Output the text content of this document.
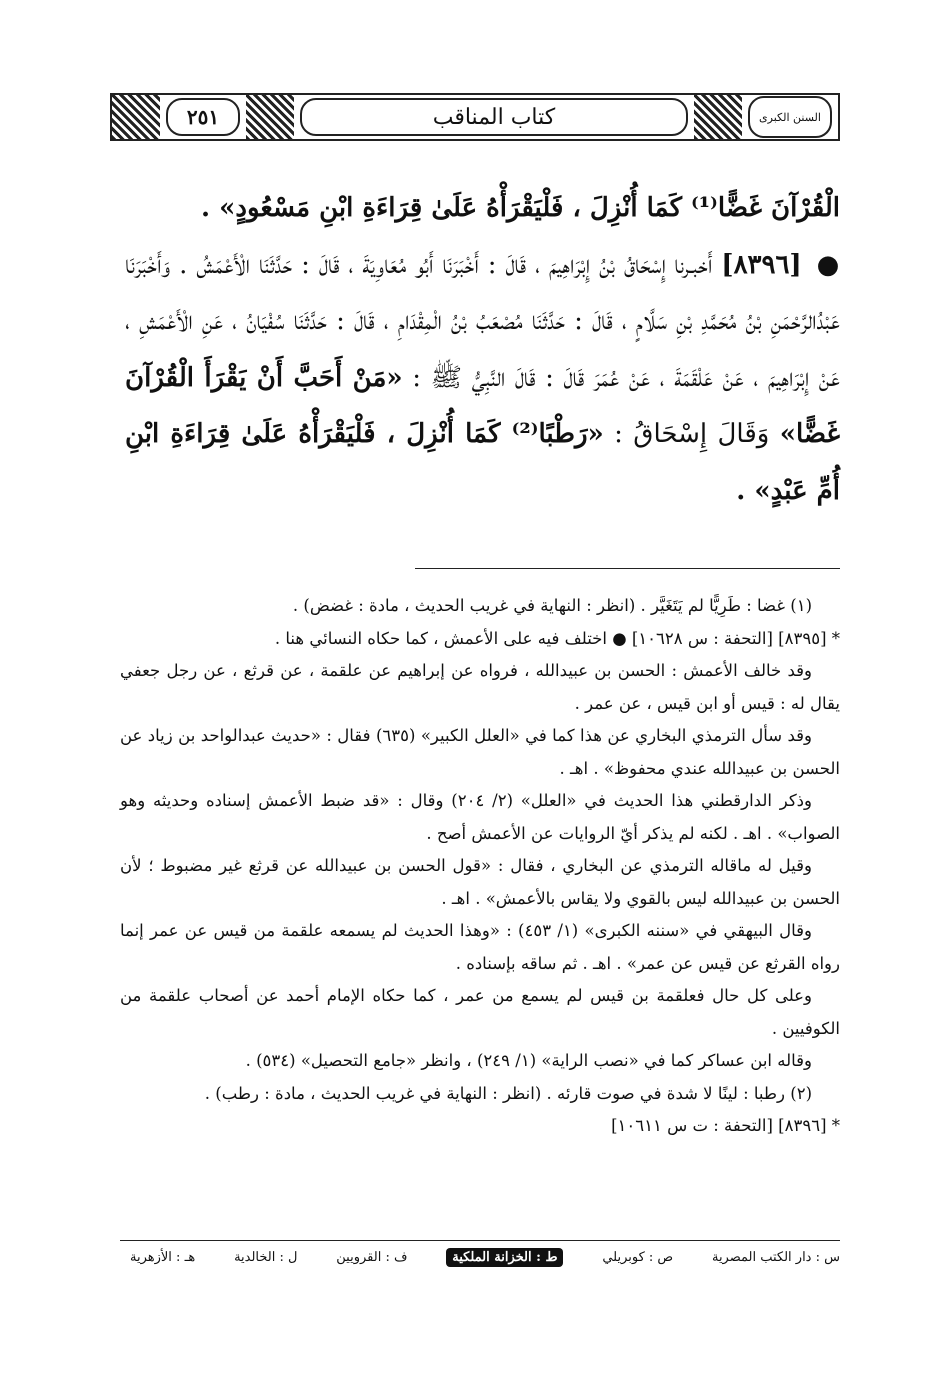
٢٥١	كتاب المناقب	السنن الكبرى

الْقُرْآنَ غَضًّا⁽¹⁾ كَمَا أُنْزِلَ ، فَلْيَقْرَأْهُ عَلَىٰ قِرَاءَةِ ابْنِ مَسْعُودٍ» .

● [٨٣٩٦] أَخبـرنا إِسْحَاقُ بْنُ إِبْرَاهِيمَ ، قَالَ : أَخْبَرَنَا أَبُو مُعَاوِيَةَ ، قَالَ : حَدَّثَنَا الْأَعْمَشُ . وَأَخْبَرَنَا عَبْدُالرَّحْمَنِ بْنُ مُحَمَّدِ بْنِ سَلَّامٍ ، قَالَ : حَدَّثَنَا مُصْعَبُ بْنُ الْمِقْدَامِ ، قَالَ : حَدَّثَنَا سُفْيَانُ ، عَنِ الْأَعْمَشِ ، عَنْ إِبْرَاهِيمَ ، عَنْ عَلْقَمَةَ ، عَنْ عُمَرَ قَالَ : قَالَ النَّبِيُّ ﷺ : «مَنْ أَحَبَّ أَنْ يَقْرَأَ الْقُرْآنَ غَضًّا» وَقَالَ إِسْحَاقُ : «رَطْبًا⁽²⁾ كَمَا أُنْزِلَ ، فَلْيَقْرَأْهُ عَلَىٰ قِرَاءَةِ ابْنِ أُمِّ عَبْدٍ» .

(١) غضا : طَرِيًّا لم يَتَغَيَّر . (انظر : النهاية في غريب الحديث ، مادة : غضض) .

* [٨٣٩٥] [التحفة : س ١٠٦٢٨] ● اختلف فيه على الأعمش ، كما حكاه النسائي هنا .

وقد خالف الأعمش : الحسن بن عبيدالله ، فرواه عن إبراهيم عن علقمة ، عن قرثع ، عن رجل جعفي يقال له : قيس أو ابن قيس ، عن عمر .

وقد سأل الترمذي البخاري عن هذا كما في «العلل الكبير» (٦٣٥) فقال : «حديث عبدالواحد بن زياد عن الحسن بن عبيدالله عندي محفوظ» . اهـ .

وذكر الدارقطني هذا الحديث في «العلل» (٢/ ٢٠٤) وقال : «قد ضبط الأعمش إسناده وحديثه وهو الصواب» . اهـ . لكنه لم يذكر أيّ الروايات عن الأعمش أصح .

وقيل له ماقاله الترمذي عن البخاري ، فقال : «قول الحسن بن عبيدالله عن قرثع غير مضبوط ؛ لأن الحسن بن عبيدالله ليس بالقوي ولا يقاس بالأعمش» . اهـ .

وقال البيهقي في «سننه الكبرى» (١/ ٤٥٣) : «وهذا الحديث لم يسمعه علقمة من قيس عن عمر إنما رواه القرثع عن قيس عن عمر» . اهـ . ثم ساقه بإسناده .

وعلى كل حال فعلقمة بن قيس لم يسمع من عمر ، كما حكاه الإمام أحمد عن أصحاب علقمة من الكوفيين .

وقاله ابن عساكر كما في «نصب الراية» (١/ ٢٤٩) ، وانظر «جامع التحصيل» (٥٣٤) .

(٢) رطبا : لينًا لا شدة في صوت قارئه . (انظر : النهاية في غريب الحديث ، مادة : رطب) .

* [٨٣٩٦] [التحفة : ت س ١٠٦١١]

س : دار الكتب المصرية
ص : كوبريلي
ط : الخزانة الملكية
ف : القرويين
ل : الخالدية
هـ : الأزهرية
